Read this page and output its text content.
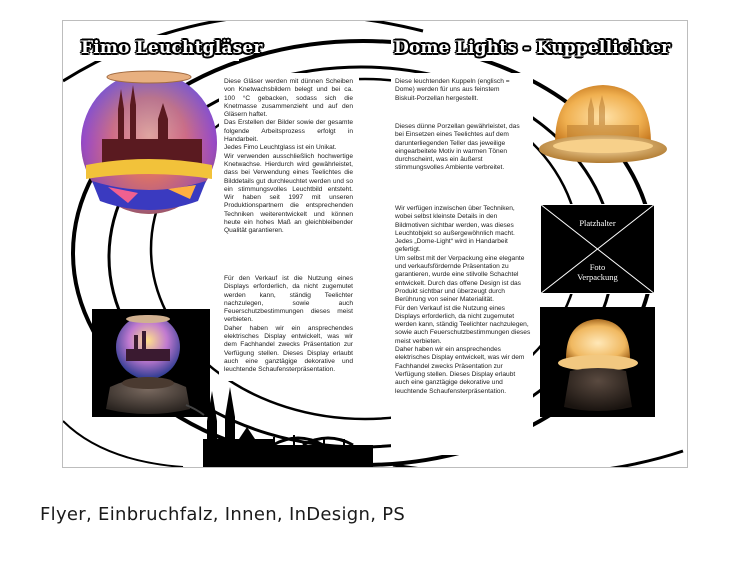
Fimo Leuchtgläser	Dome Lights - Kuppellichter

Diese Gläser werden mit dünnen Scheiben von Knetwachsbildern belegt und bei ca. 100 °C gebacken, sodass sich die Knetmasse zusammenzieht und auf den Gläsern haftet.
Das Erstellen der Bilder sowie der gesamte folgende Arbeitsprozess erfolgt in Handarbeit.
Jedes Fimo Leuchtglass ist ein Unikat.
Wir verwenden ausschließlich hochwertige Knetwachse. Hierdurch wird gewährleistet, dass bei Verwendung eines Teelichtes die Bilddetails gut durchleuchtet werden und so ein stimmungsvolles Leuchtbild entsteht. Wir haben seit 1997 mit unseren Produktionspartnern die entsprechenden Techniken weiterentwickelt und können heute ein hohes Maß an gleichbleibender Qualität garantieren.

Für den Verkauf ist die Nutzung eines Displays erforderlich, da nicht zugemutet werden kann, ständig Teelichter nachzulegen, sowie auch Feuerschutzbestimmungen dieses meist verbieten.
Daher haben wir ein ansprechendes elektrisches Display entwickelt, was wir dem Fachhandel zwecks Präsentation zur Verfügung stellen. Dieses Display erlaubt auch eine ganztägige dekorative und leuchtende Schaufensterpräsentation.

Diese leuchtenden Kuppeln (englisch = Dome) werden für uns aus feinstem Biskuit-Porzellan hergestellt.

Dieses dünne Porzellan gewährleistet, das bei Einsetzen eines Teelichtes auf dem darunterliegenden Teller das jeweilige eingearbeitete Motiv in warmen Tönen durchscheint, was ein äußerst stimmungsvolles Ambiente verbreitet.

Wir verfügen inzwischen über Techniken, wobei selbst kleinste Details in den Bildmotiven sichtbar werden, was dieses Leuchtobjekt so außergewöhnlich macht.
Jedes „Dome-Light“ wird in Handarbeit gefertigt.
Um selbst mit der Verpackung eine elegante und verkaufsfördernde Präsentation zu garantieren, wurde eine stilvolle Schachtel entwickelt. Durch das offene Design ist das Produkt sichtbar und überzeugt durch Berührung von seiner Materialität.
Für den Verkauf ist die Nutzung eines Displays erforderlich, da nicht zugemutet werden kann, ständig Teelichter nachzulegen, sowie auch Feuerschutzbestimmungen dieses meist verbieten.
Daher haben wir ein ansprechendes elektrisches Display entwickelt, was wir dem Fachhandel zwecks Präsentation zur Verfügung stellen. Dieses Display erlaubt auch eine ganztägige dekorative und leuchtende Schaufensterpräsentation.

Platzhalter
Foto
Verpackung
Flyer, Einbruchfalz, Innen, InDesign, PS
